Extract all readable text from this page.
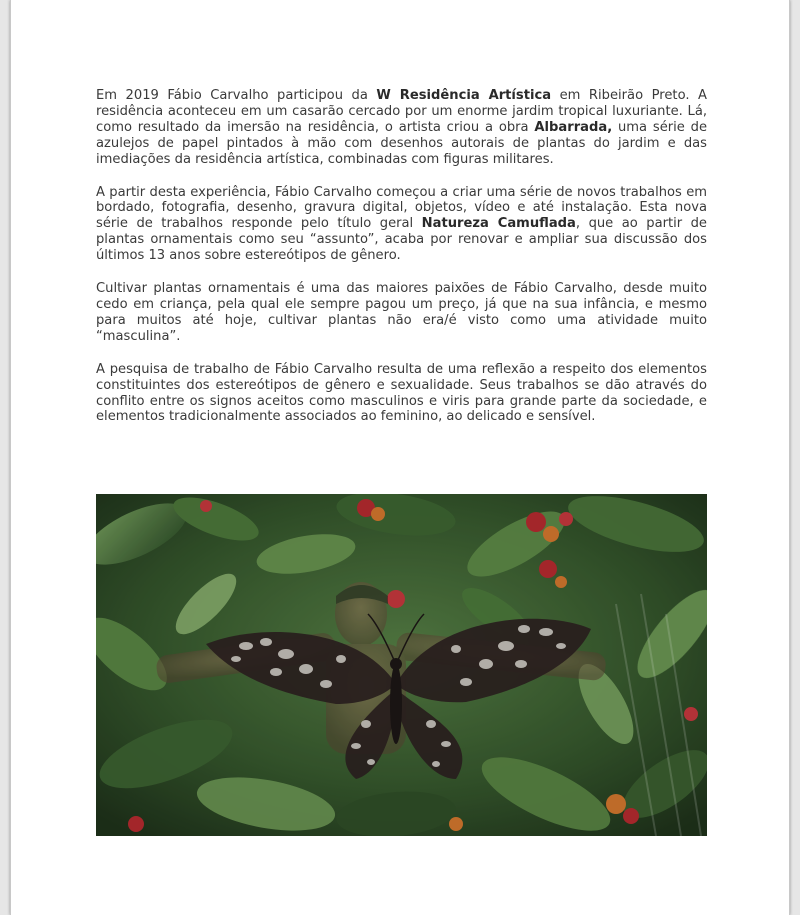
Em 2019 Fábio Carvalho participou da W Residência Artística em Ribeirão Preto. A residência aconteceu em um casarão cercado por um enorme jardim tropical luxuriante. Lá, como resultado da imersão na residência, o artista criou a obra Albarrada, uma série de azulejos de papel pintados à mão com desenhos autorais de plantas do jardim e das imediações da residência artística, combinadas com figuras militares.

A partir desta experiência, Fábio Carvalho começou a criar uma série de novos trabalhos em bordado, fotografia, desenho, gravura digital, objetos, vídeo e até instalação. Esta nova série de trabalhos responde pelo título geral Natureza Camuflada, que ao partir de plantas ornamentais como seu “assunto”, acaba por renovar e ampliar sua discussão dos últimos 13 anos sobre estereótipos de gênero.

Cultivar plantas ornamentais é uma das maiores paixões de Fábio Carvalho, desde muito cedo em criança, pela qual ele sempre pagou um preço, já que na sua infância, e mesmo para muitos até hoje, cultivar plantas não era/é visto como uma atividade muito “masculina”.

A pesquisa de trabalho de Fábio Carvalho resulta de uma reflexão a respeito dos elementos constituintes dos estereótipos de gênero e sexualidade. Seus trabalhos se dão através do conflito entre os signos aceitos como masculinos e viris para grande parte da sociedade, e elementos tradicionalmente associados ao feminino, ao delicado e sensível.
